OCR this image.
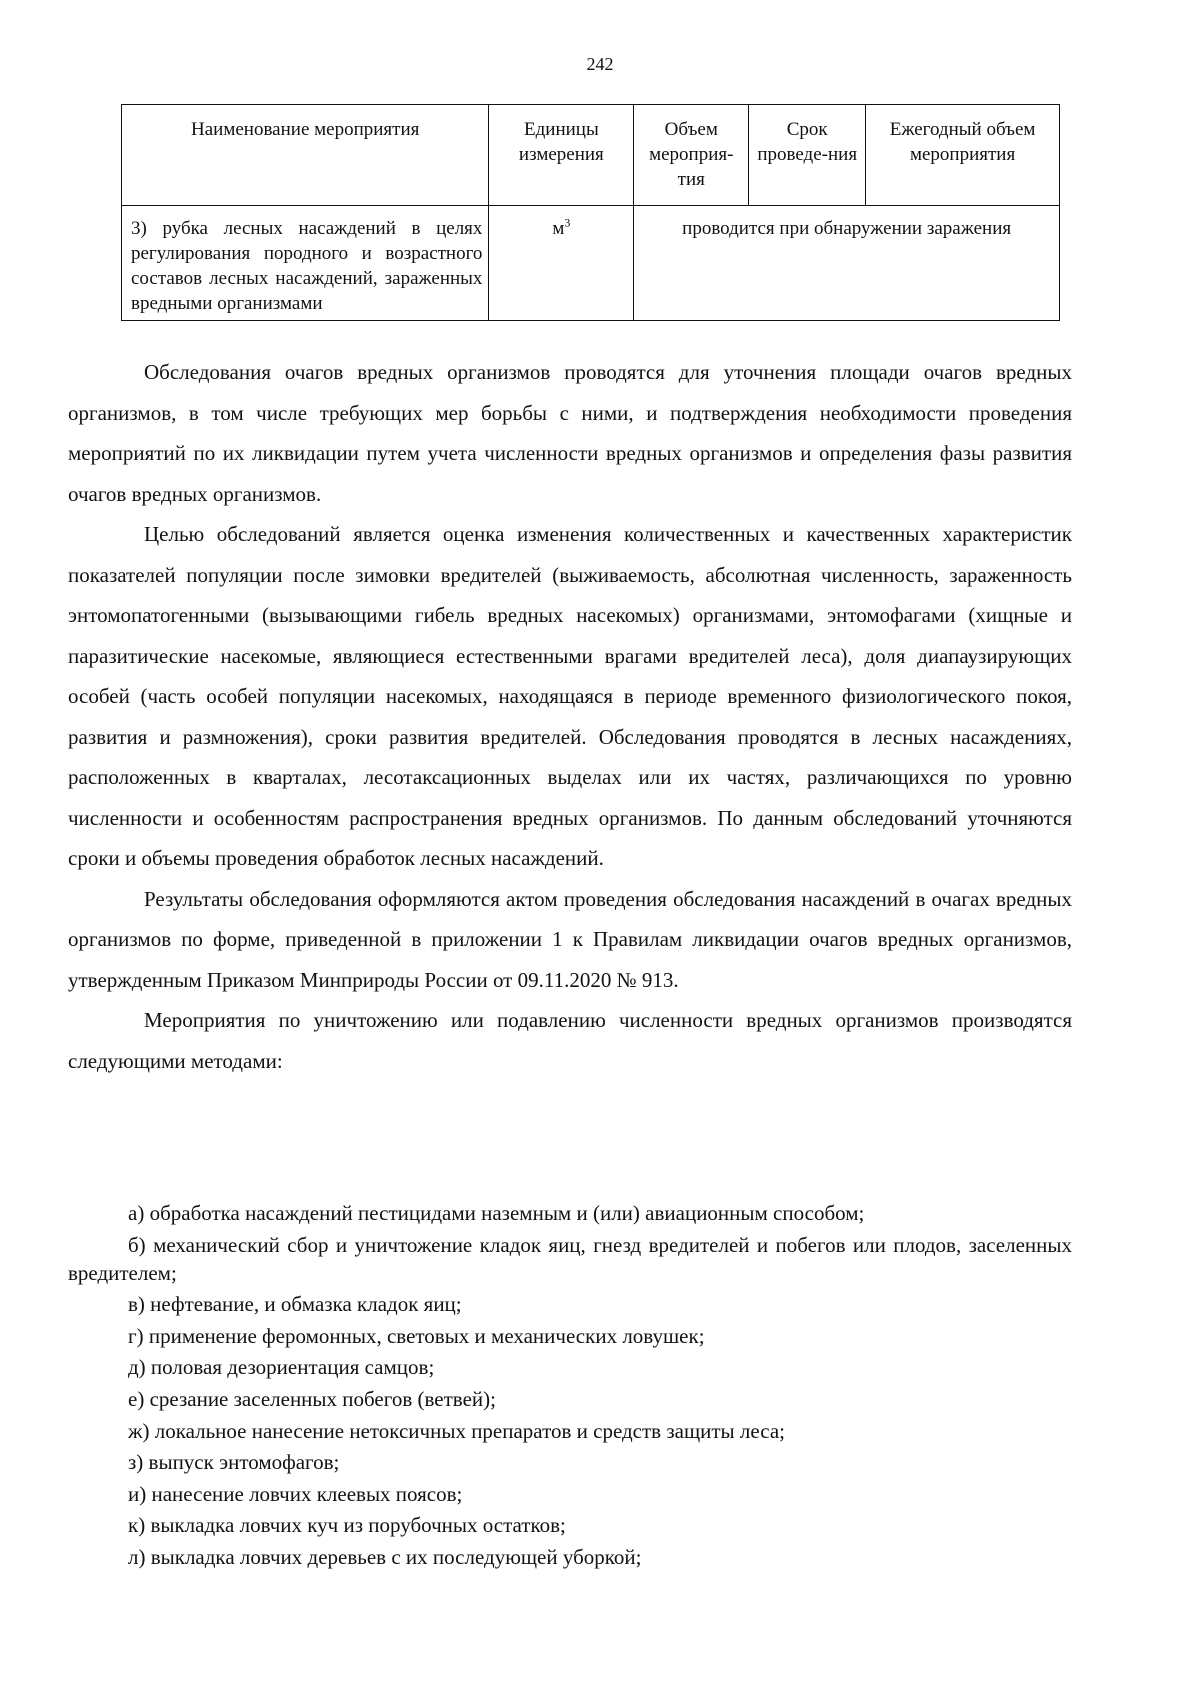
242
Наименование мероприятия	Единицы измерения	Объем мероприя-тия	Срок проведе-ния	Ежегодный объем мероприятия
3) рубка лесных насаждений в целях регулирования породного и возрастного составов лесных насаждений, зараженных вредными организмами	$м^3$	проводится при обнаружении заражения		

Обследования очагов вредных организмов проводятся для уточнения площади очагов вредных организмов, в том числе требующих мер борьбы с ними, и подтверждения необходимости проведения мероприятий по их ликвидации путем учета численности вредных организмов и определения фазы развития очагов вредных организмов.

Целью обследований является оценка изменения количественных и качественных характеристик показателей популяции после зимовки вредителей (выживаемость, абсолютная численность, зараженность энтомопатогенными (вызывающими гибель вредных насекомых) организмами, энтомофагами (хищные и паразитические насекомые, являющиеся естественными врагами вредителей леса), доля диапаузирующих особей (часть особей популяции насекомых, находящаяся в периоде временного физиологического покоя, развития и размножения), сроки развития вредителей. Обследования проводятся в лесных насаждениях, расположенных в кварталах, лесотаксационных выделах или их частях, различающихся по уровню численности и особенностям распространения вредных организмов. По данным обследований уточняются сроки и объемы проведения обработок лесных насаждений.

Результаты обследования оформляются актом проведения обследования насаждений в очагах вредных организмов по форме, приведенной в приложении 1 к Правилам ликвидации очагов вредных организмов, утвержденным Приказом Минприроды России от 09.11.2020 № 913.

Мероприятия по уничтожению или подавлению численности вредных организмов производятся следующими методами:

а) обработка насаждений пестицидами наземным и (или) авиационным способом;
б) механический сбор и уничтожение кладок яиц, гнезд вредителей и побегов или плодов, заселенных вредителем;
в) нефтевание, и обмазка кладок яиц;
г) применение феромонных, световых и механических ловушек;
д) половая дезориентация самцов;
е) срезание заселенных побегов (ветвей);
ж) локальное нанесение нетоксичных препаратов и средств защиты леса;
з) выпуск энтомофагов;
и) нанесение ловчих клеевых поясов;
к) выкладка ловчих куч из порубочных остатков;
л) выкладка ловчих деревьев с их последующей уборкой;
